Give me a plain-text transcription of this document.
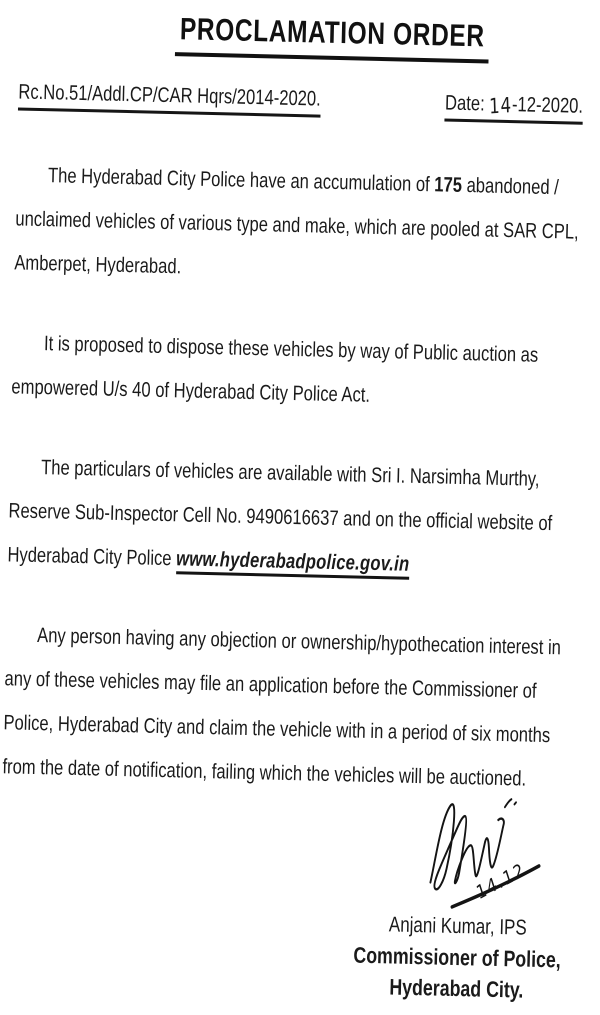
PROCLAMATION ORDER
Rc.No.51/Addl.CP/CAR Hqrs/2014-2020.	Date: 14-12-2020.

The Hyderabad City Police have an accumulation of 175 abandoned / unclaimed vehicles of various type and make, which are pooled at SAR CPL, Amberpet, Hyderabad.

It is proposed to dispose these vehicles by way of Public auction as empowered U/s 40 of Hyderabad City Police Act.

The particulars of vehicles are available with Sri I. Narsimha Murthy, Reserve Sub-Inspector Cell No. 9490616637 and on the official website of Hyderabad City Police www.hyderabadpolice.gov.in

Any person having any objection or ownership/hypothecation interest in any of these vehicles may file an application before the Commissioner of Police, Hyderabad City and claim the vehicle with in a period of six months from the date of notification, failing which the vehicles will be auctioned.

14.12
Anjani Kumar, IPS
Commissioner of Police,
Hyderabad City.
